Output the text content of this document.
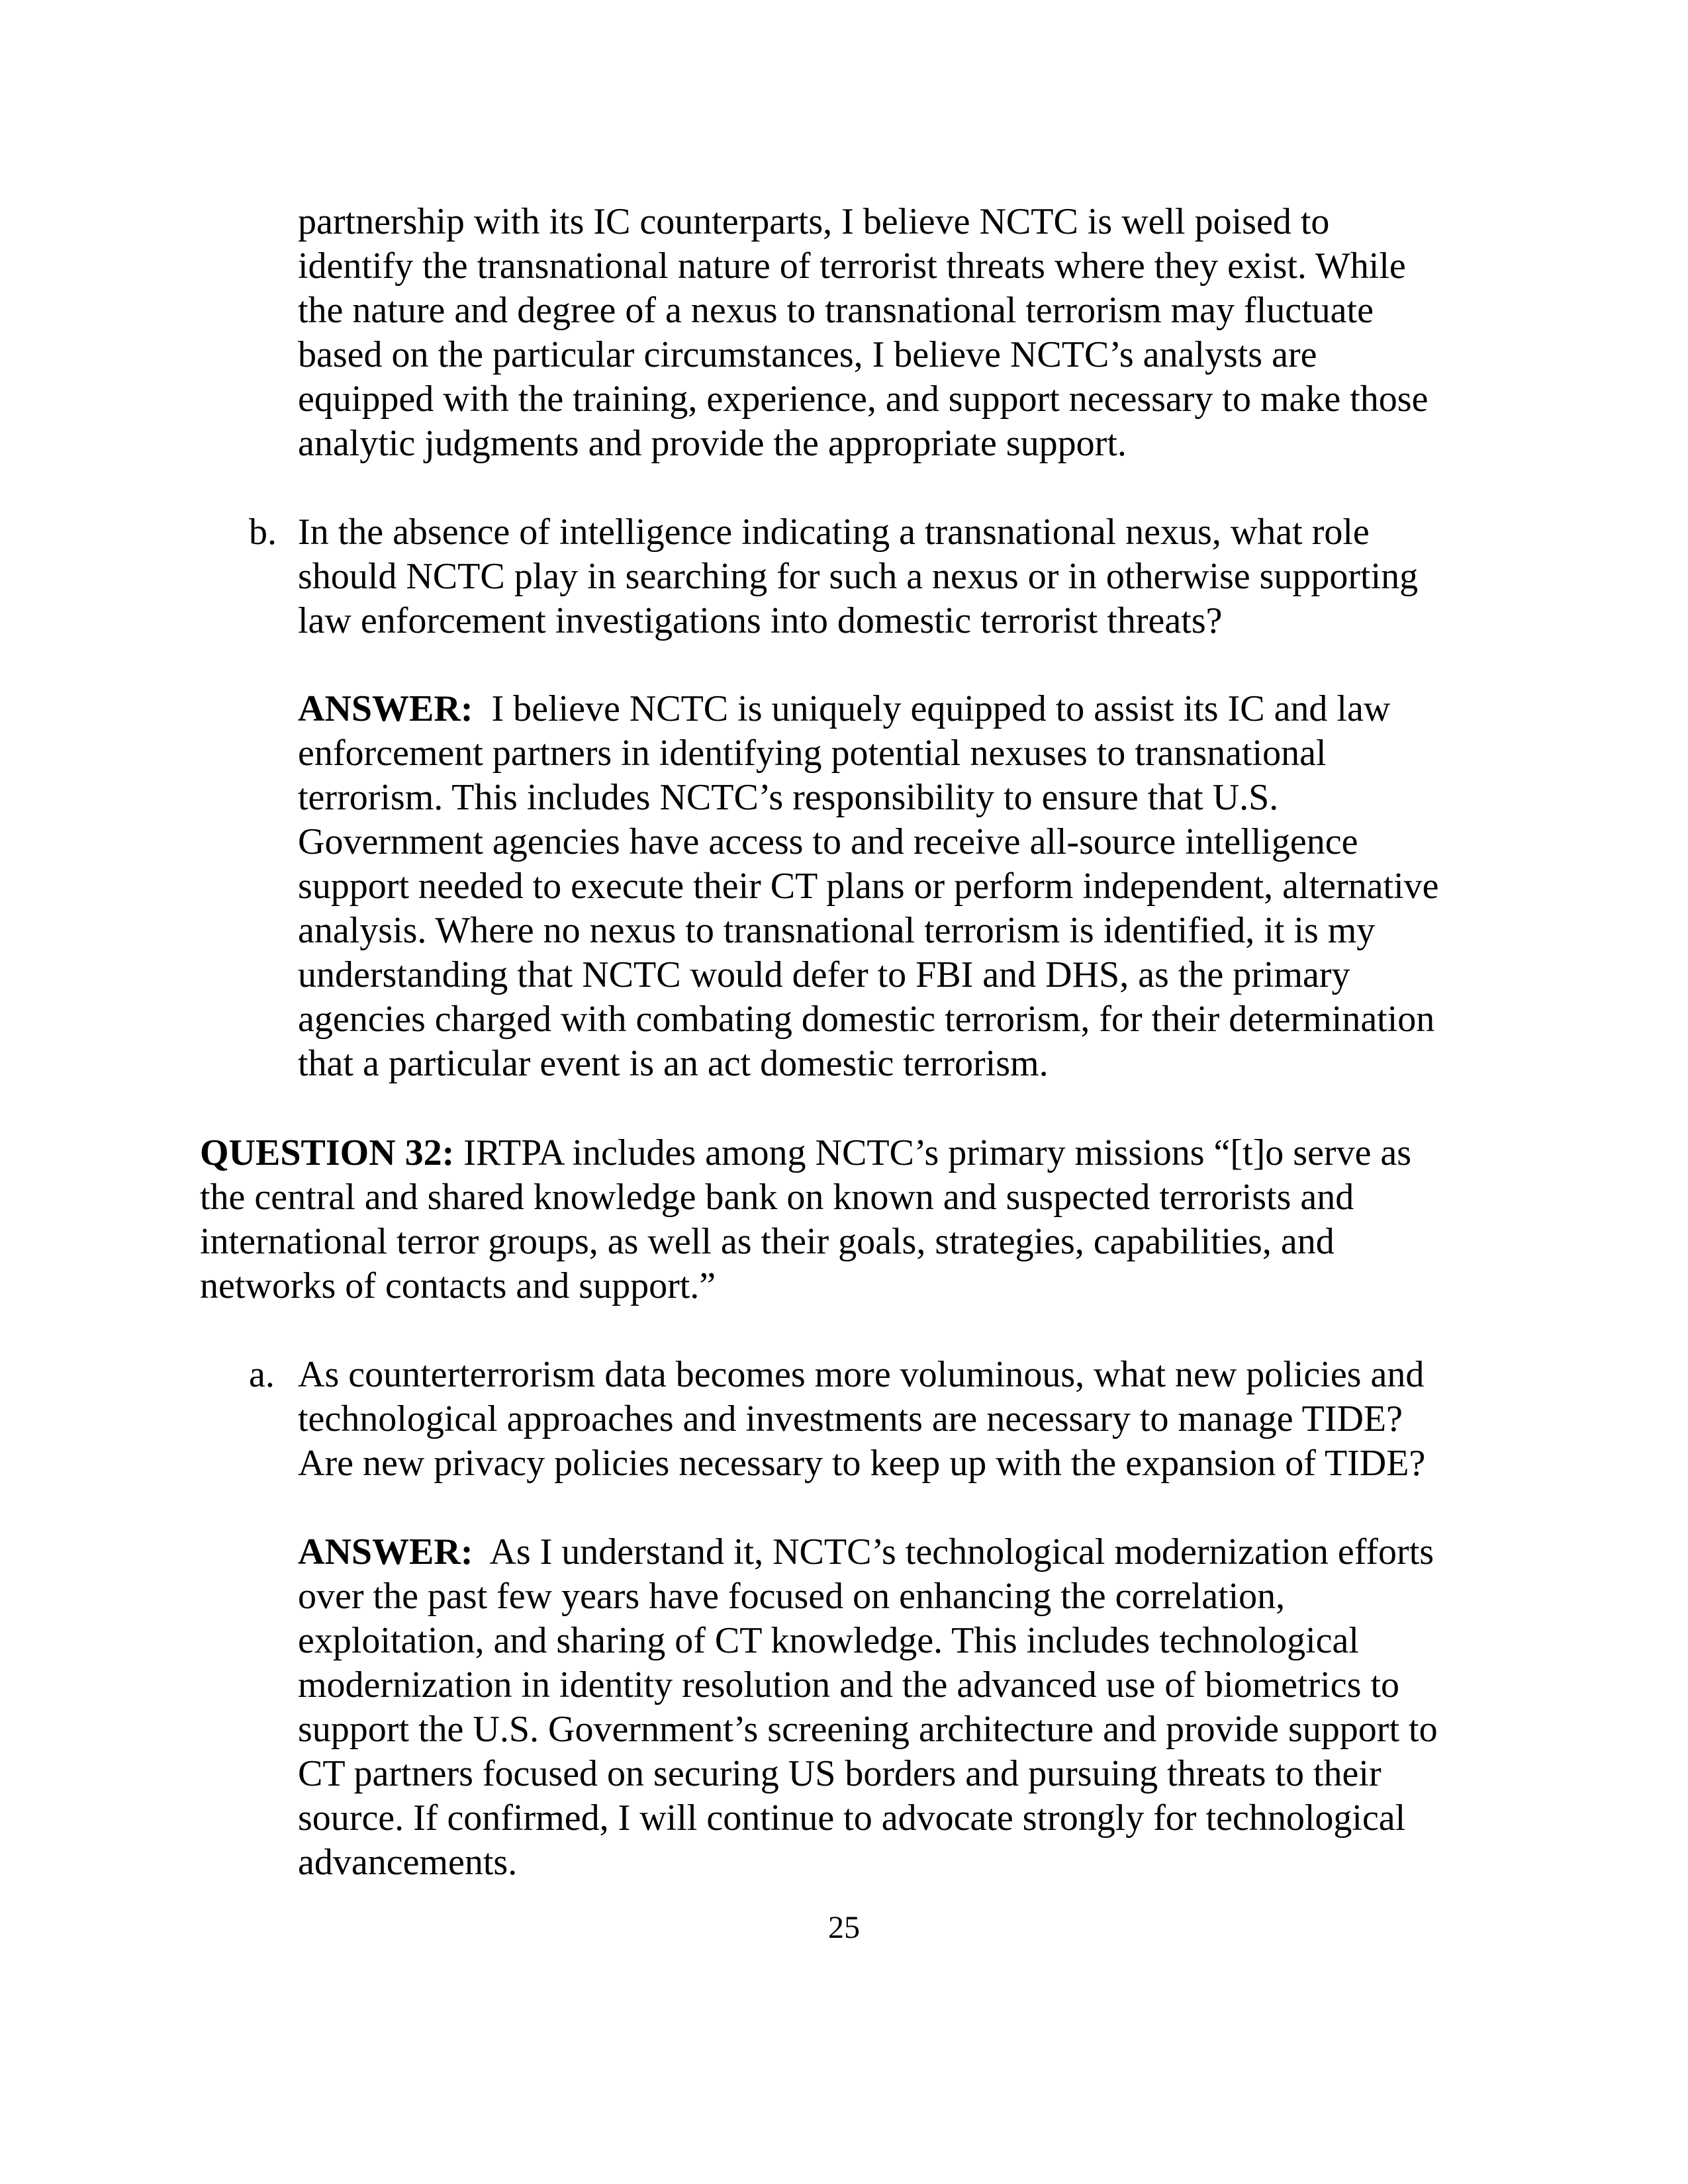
partnership with its IC counterparts, I believe NCTC is well poised to
identify the transnational nature of terrorist threats where they exist. While
the nature and degree of a nexus to transnational terrorism may fluctuate
based on the particular circumstances, I believe NCTC’s analysts are
equipped with the training, experience, and support necessary to make those
analytic judgments and provide the appropriate support.
b. In the absence of intelligence indicating a transnational nexus, what role
should NCTC play in searching for such a nexus or in otherwise supporting
law enforcement investigations into domestic terrorist threats?
ANSWER: I believe NCTC is uniquely equipped to assist its IC and law
enforcement partners in identifying potential nexuses to transnational
terrorism. This includes NCTC’s responsibility to ensure that U.S.
Government agencies have access to and receive all-source intelligence
support needed to execute their CT plans or perform independent, alternative
analysis. Where no nexus to transnational terrorism is identified, it is my
understanding that NCTC would defer to FBI and DHS, as the primary
agencies charged with combating domestic terrorism, for their determination
that a particular event is an act domestic terrorism.
QUESTION 32: IRTPA includes among NCTC’s primary missions “[t]o serve as
the central and shared knowledge bank on known and suspected terrorists and
international terror groups, as well as their goals, strategies, capabilities, and
networks of contacts and support.”
a. As counterterrorism data becomes more voluminous, what new policies and
technological approaches and investments are necessary to manage TIDE?
Are new privacy policies necessary to keep up with the expansion of TIDE?
ANSWER: As I understand it, NCTC’s technological modernization efforts
over the past few years have focused on enhancing the correlation,
exploitation, and sharing of CT knowledge. This includes technological
modernization in identity resolution and the advanced use of biometrics to
support the U.S. Government’s screening architecture and provide support to
CT partners focused on securing US borders and pursuing threats to their
source. If confirmed, I will continue to advocate strongly for technological
advancements.
25
